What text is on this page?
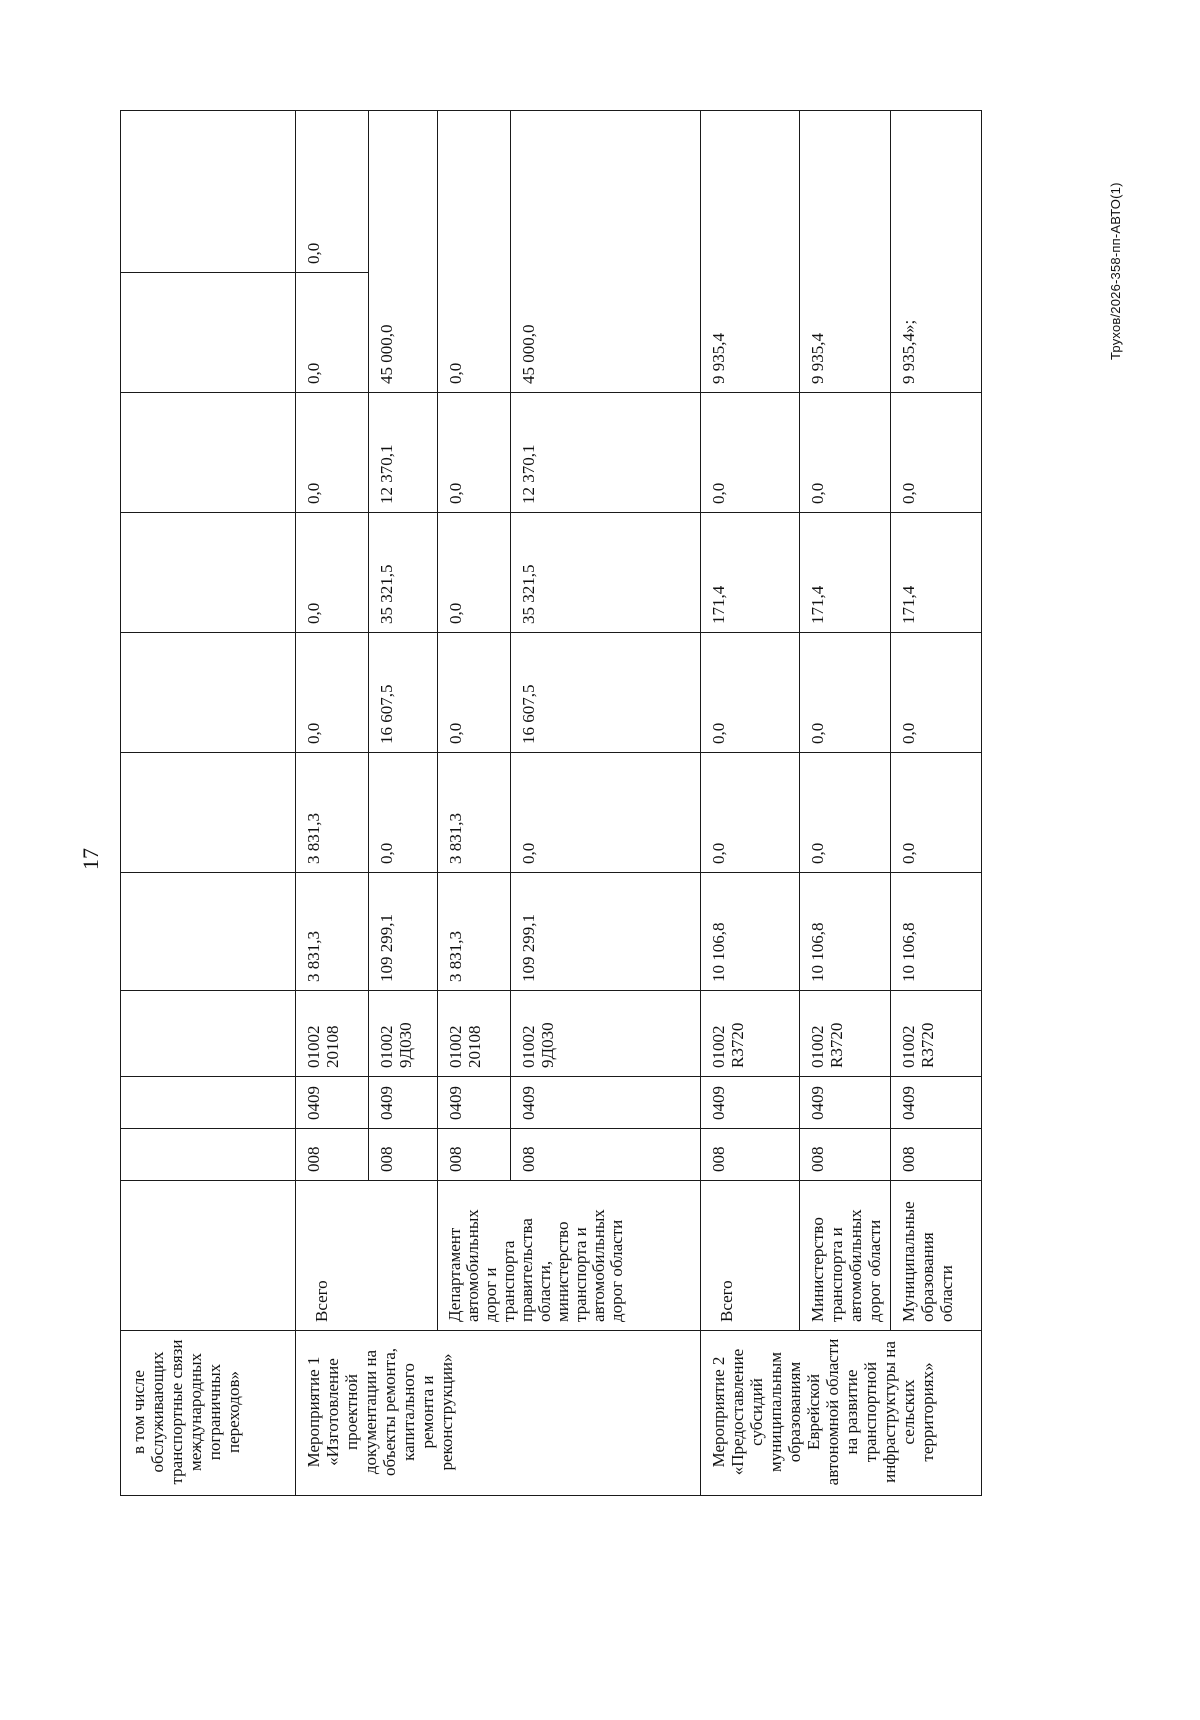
17
в том числе обслуживающих транспортные связи международных пограничных переходов»											
Мероприятие 1 «Изготовление проектной документации на объекты ремонта, капитального ремонта и реконструкции»	Всего	008	0409	01002 20108	3 831,3	3 831,3	0,0	0,0	0,0	0,0	0,0
		008	0409	01002 9Д030	109 299,1	0,0	16 607,5	35 321,5	12 370,1	45 000,0	
	Департамент автомобильных дорог и транспорта правительства области, министерство транспорта и автомобильных дорог области	008	0409	01002 20108	3 831,3	3 831,3	0,0	0,0	0,0	0,0	
		008	0409	01002 9Д030	109 299,1	0,0	16 607,5	35 321,5	12 370,1	45 000,0	
Мероприятие 2 «Предоставление субсидий муниципальным образованиям Еврейской автономной области на развитие транспортной инфраструктуры на сельских территориях»	Всего	008	0409	01002 R3720	10 106,8	0,0	0,0	171,4	0,0	9 935,4	
	Министерство транспорта и автомобильных дорог области	008	0409	01002 R3720	10 106,8	0,0	0,0	171,4	0,0	9 935,4	
	Муниципальные образования области	008	0409	01002 R3720	10 106,8	0,0	0,0	171,4	0,0	9 935,4»;		Трухов/2026-358-пп-АВТО(1)
